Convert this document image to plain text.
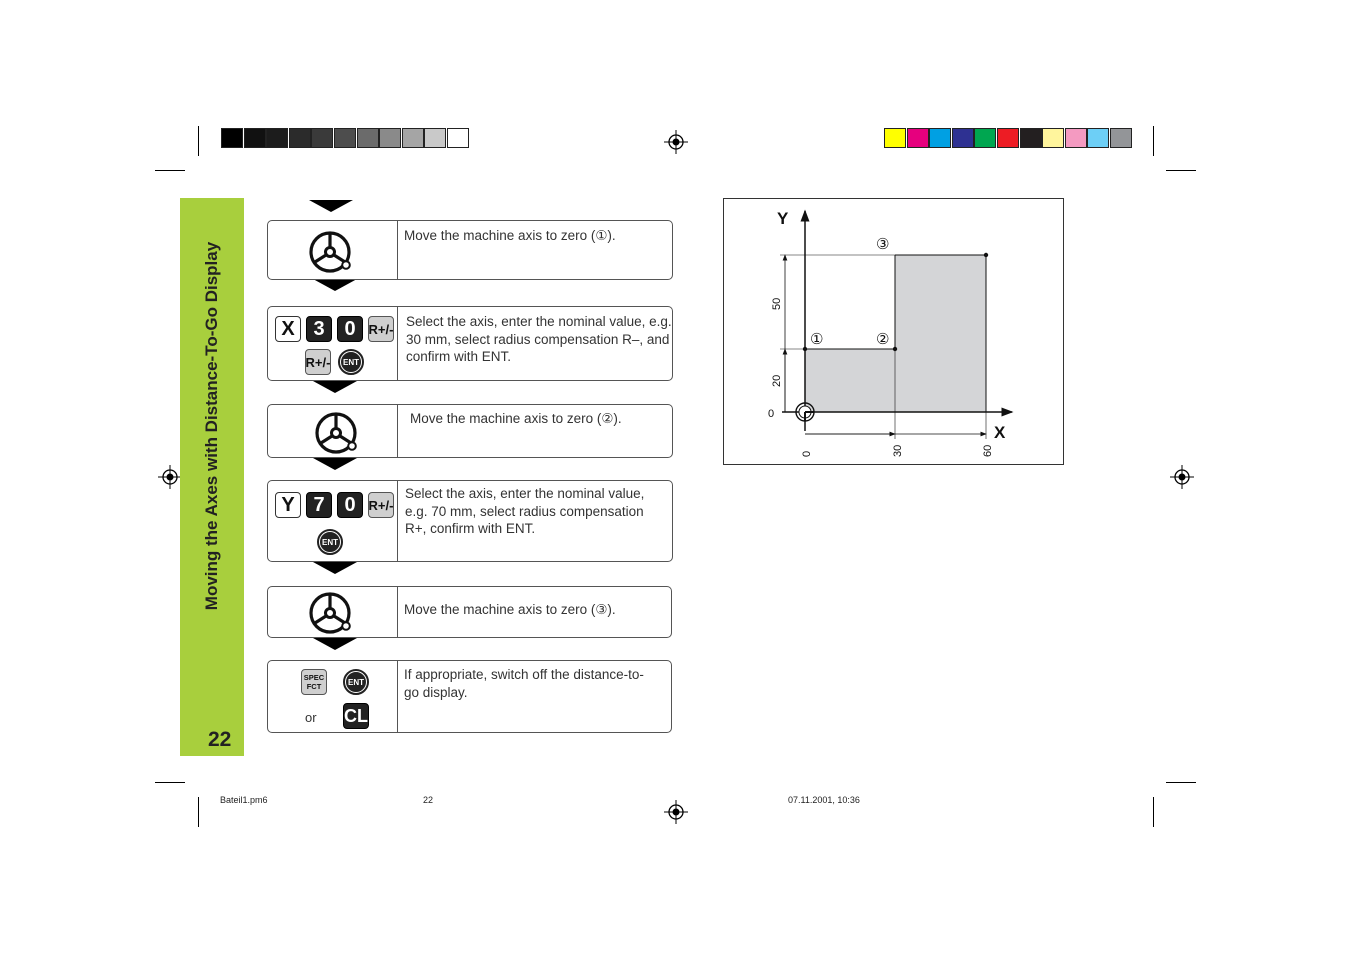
Moving the Axes with Distance-To-Go Display
22
Move the machine axis to zero (①).
X 3 0 R+/-
R+/-	ENT
Select the axis, enter the nominal value, e.g. 30 mm, select radius compensation R–, and confirm with ENT.
Move the machine axis to zero (②).
Y 7 0 R+/-
ENT
Select the axis, enter the nominal value, e.g. 70 mm, select radius compensation R+, confirm with ENT.
Move the machine axis to zero (③).
SPEC
FCT	ENT
or CL
If appropriate, switch off the distance-to-go display.
Y
X
0
20
50
0	30	60
①	②
③
Bateil1.pm6	22	07.11.2001, 10:36
